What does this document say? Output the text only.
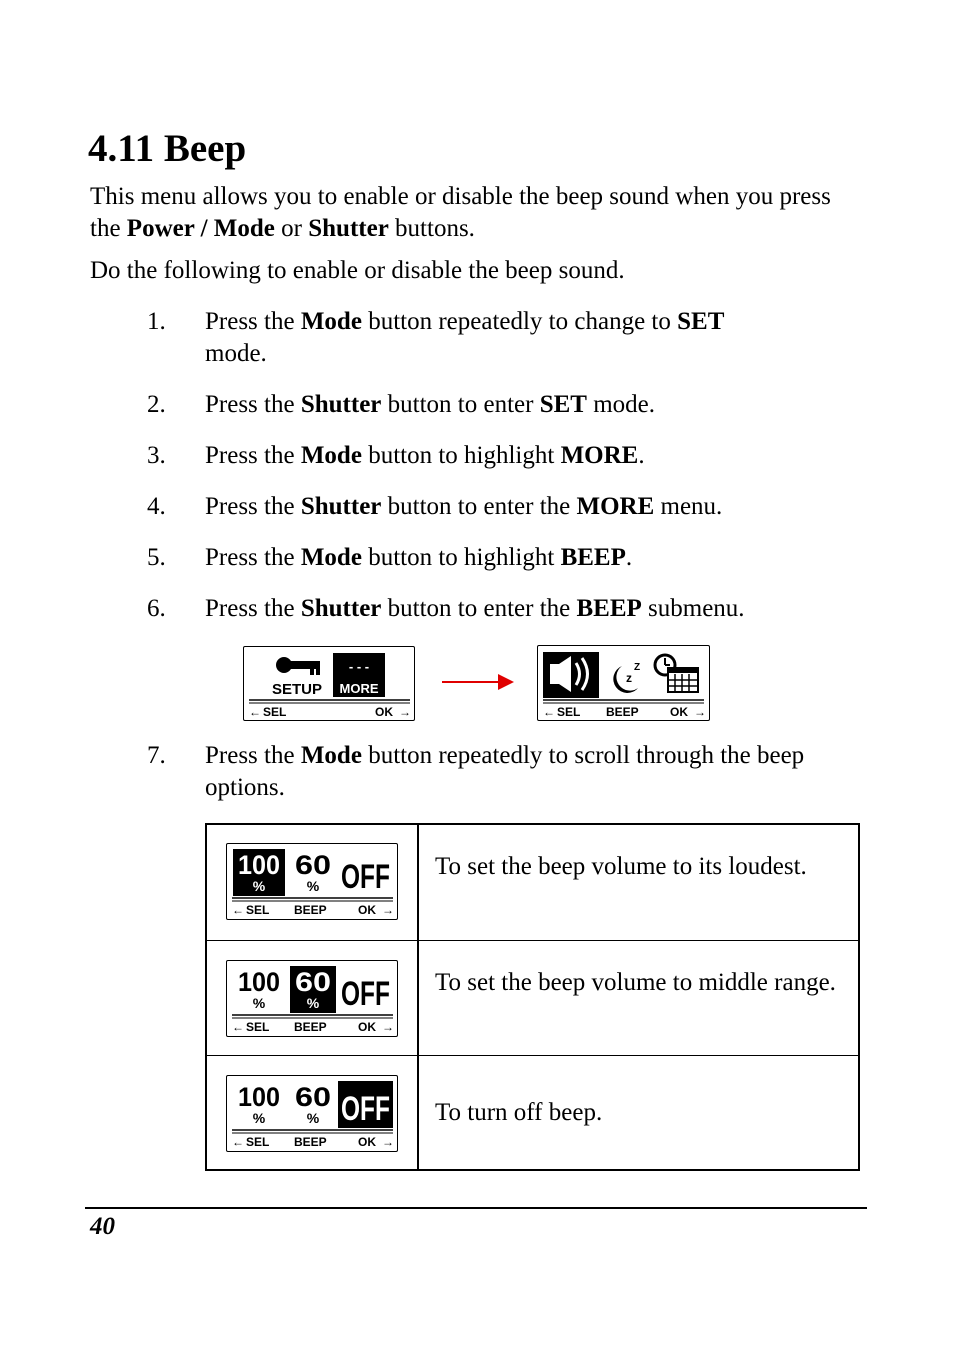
4.11 Beep

This menu allows you to enable or disable the beep sound when you press the Power / Mode or Shutter buttons.

Do the following to enable or disable the beep sound.

1. Press the Mode button repeatedly to change to SET
mode.
2. Press the Shutter button to enter SET mode.
3. Press the Mode button to highlight MORE.
4. Press the Shutter button to enter the MORE menu.
5. Press the Mode button to highlight BEEP.
6. Press the Shutter button to enter the BEEP submenu.
SETUP
- - -
MORE
← SEL	OK →
z
Z
← SEL BEEP	OK →
7. Press the Mode button repeatedly to scroll through the beep options.
100
%
60
% OFF
← SEL BEEP	OK →
To set the beep volume to its loudest.
100
%
60
% OFF
← SEL BEEP	OK →
To set the beep volume to middle range.
100
%
60
% OFF
← SEL BEEP	OK →
To turn off beep.
40
